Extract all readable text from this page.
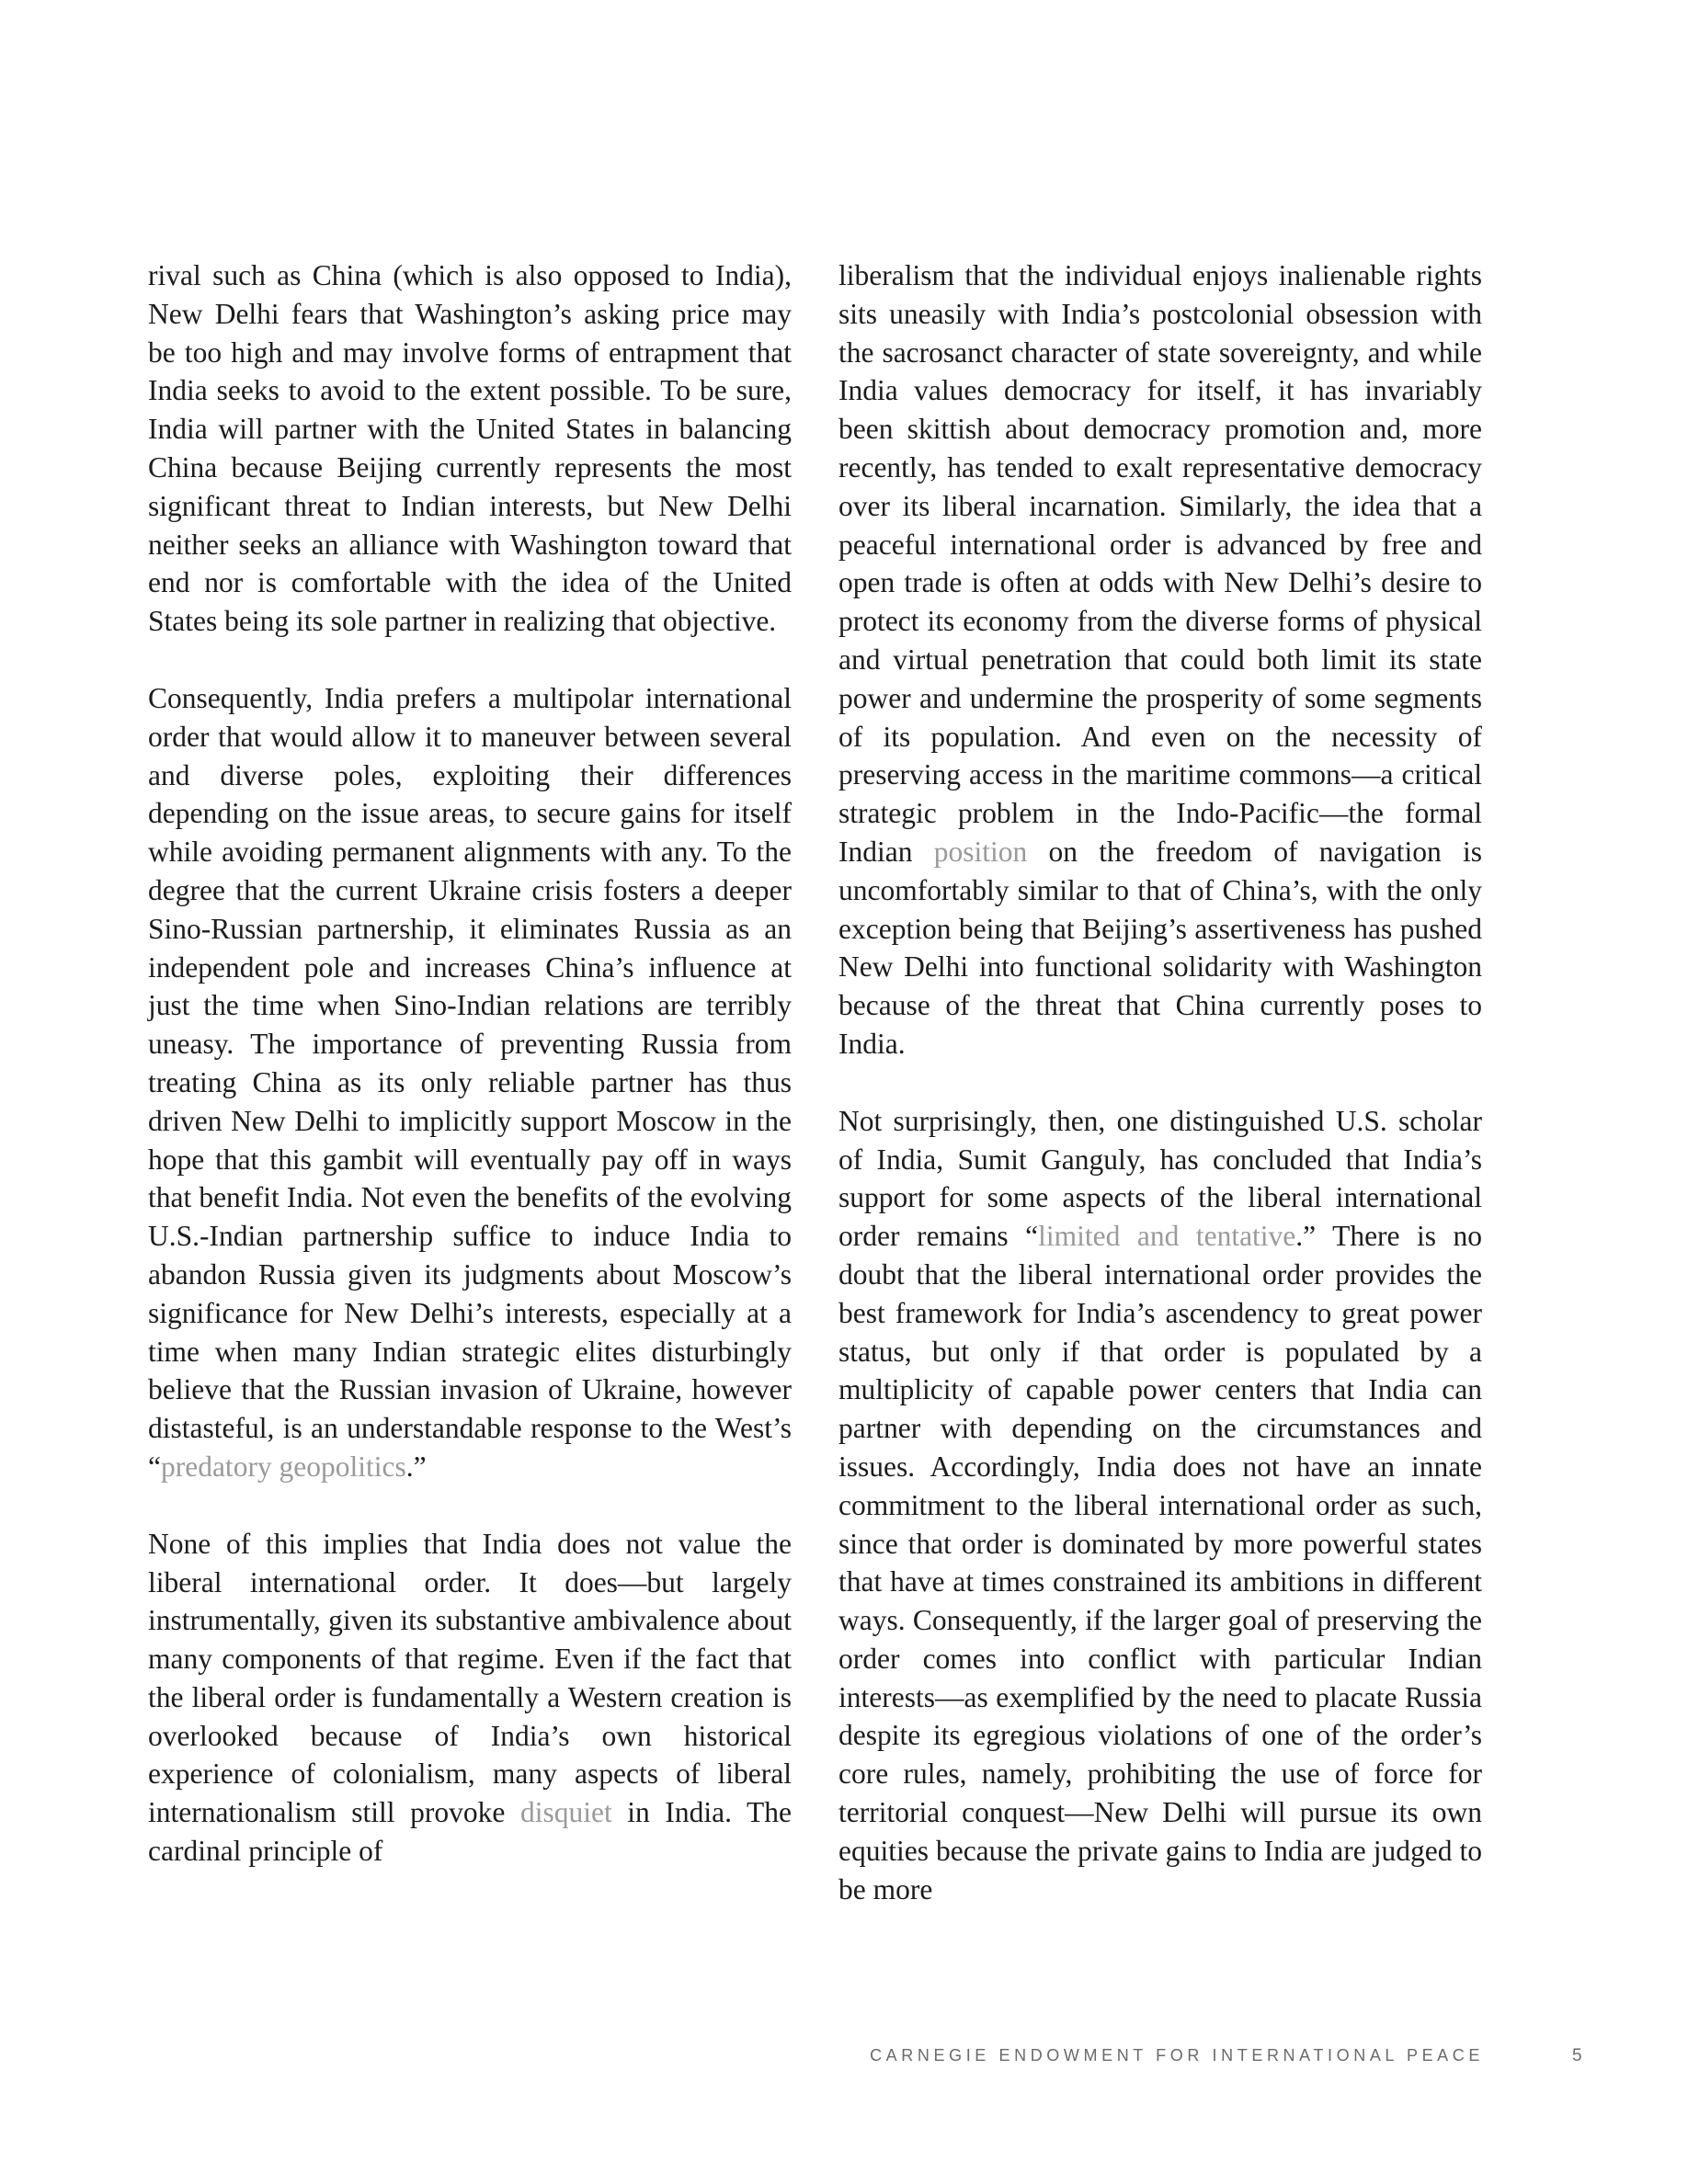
rival such as China (which is also opposed to India), New Delhi fears that Washington’s asking price may be too high and may involve forms of entrapment that India seeks to avoid to the extent possible. To be sure, India will partner with the United States in balancing China because Beijing currently represents the most significant threat to Indian interests, but New Delhi neither seeks an alliance with Washington toward that end nor is comfortable with the idea of the United States being its sole partner in realizing that objective.

Consequently, India prefers a multipolar international order that would allow it to maneuver between several and diverse poles, exploiting their differences depending on the issue areas, to secure gains for itself while avoiding permanent alignments with any. To the degree that the current Ukraine crisis fosters a deeper Sino-Russian partnership, it eliminates Russia as an independent pole and increases China’s influence at just the time when Sino-Indian relations are terribly uneasy. The importance of preventing Russia from treating China as its only reliable partner has thus driven New Delhi to implicitly support Moscow in the hope that this gambit will eventually pay off in ways that benefit India. Not even the benefits of the evolving U.S.-Indian partnership suffice to induce India to abandon Russia given its judgments about Moscow’s significance for New Delhi’s interests, especially at a time when many Indian strategic elites disturbingly believe that the Russian invasion of Ukraine, however distasteful, is an understandable response to the West’s “predatory geopolitics.”

None of this implies that India does not value the liberal international order. It does—but largely instrumentally, given its substantive ambivalence about many components of that regime. Even if the fact that the liberal order is fundamentally a Western creation is overlooked because of India’s own historical experience of colonialism, many aspects of liberal internationalism still provoke disquiet in India. The cardinal principle of

liberalism that the individual enjoys inalienable rights sits uneasily with India’s postcolonial obsession with the sacrosanct character of state sovereignty, and while India values democracy for itself, it has invariably been skittish about democracy promotion and, more recently, has tended to exalt representative democracy over its liberal incarnation. Similarly, the idea that a peaceful international order is advanced by free and open trade is often at odds with New Delhi’s desire to protect its economy from the diverse forms of physical and virtual penetration that could both limit its state power and undermine the prosperity of some segments of its population. And even on the necessity of preserving access in the maritime commons—a critical strategic problem in the Indo-Pacific—the formal Indian position on the freedom of navigation is uncomfortably similar to that of China’s, with the only exception being that Beijing’s assertiveness has pushed New Delhi into functional solidarity with Washington because of the threat that China currently poses to India.

Not surprisingly, then, one distinguished U.S. scholar of India, Sumit Ganguly, has concluded that India’s support for some aspects of the liberal international order remains “limited and tentative.” There is no doubt that the liberal international order provides the best framework for India’s ascendency to great power status, but only if that order is populated by a multiplicity of capable power centers that India can partner with depending on the circumstances and issues. Accordingly, India does not have an innate commitment to the liberal international order as such, since that order is dominated by more powerful states that have at times constrained its ambitions in different ways. Consequently, if the larger goal of preserving the order comes into conflict with particular Indian interests—as exemplified by the need to placate Russia despite its egregious violations of one of the order’s core rules, namely, prohibiting the use of force for territorial conquest—New Delhi will pursue its own equities because the private gains to India are judged to be more

CARNEGIE ENDOWMENT FOR INTERNATIONAL PEACE	5
